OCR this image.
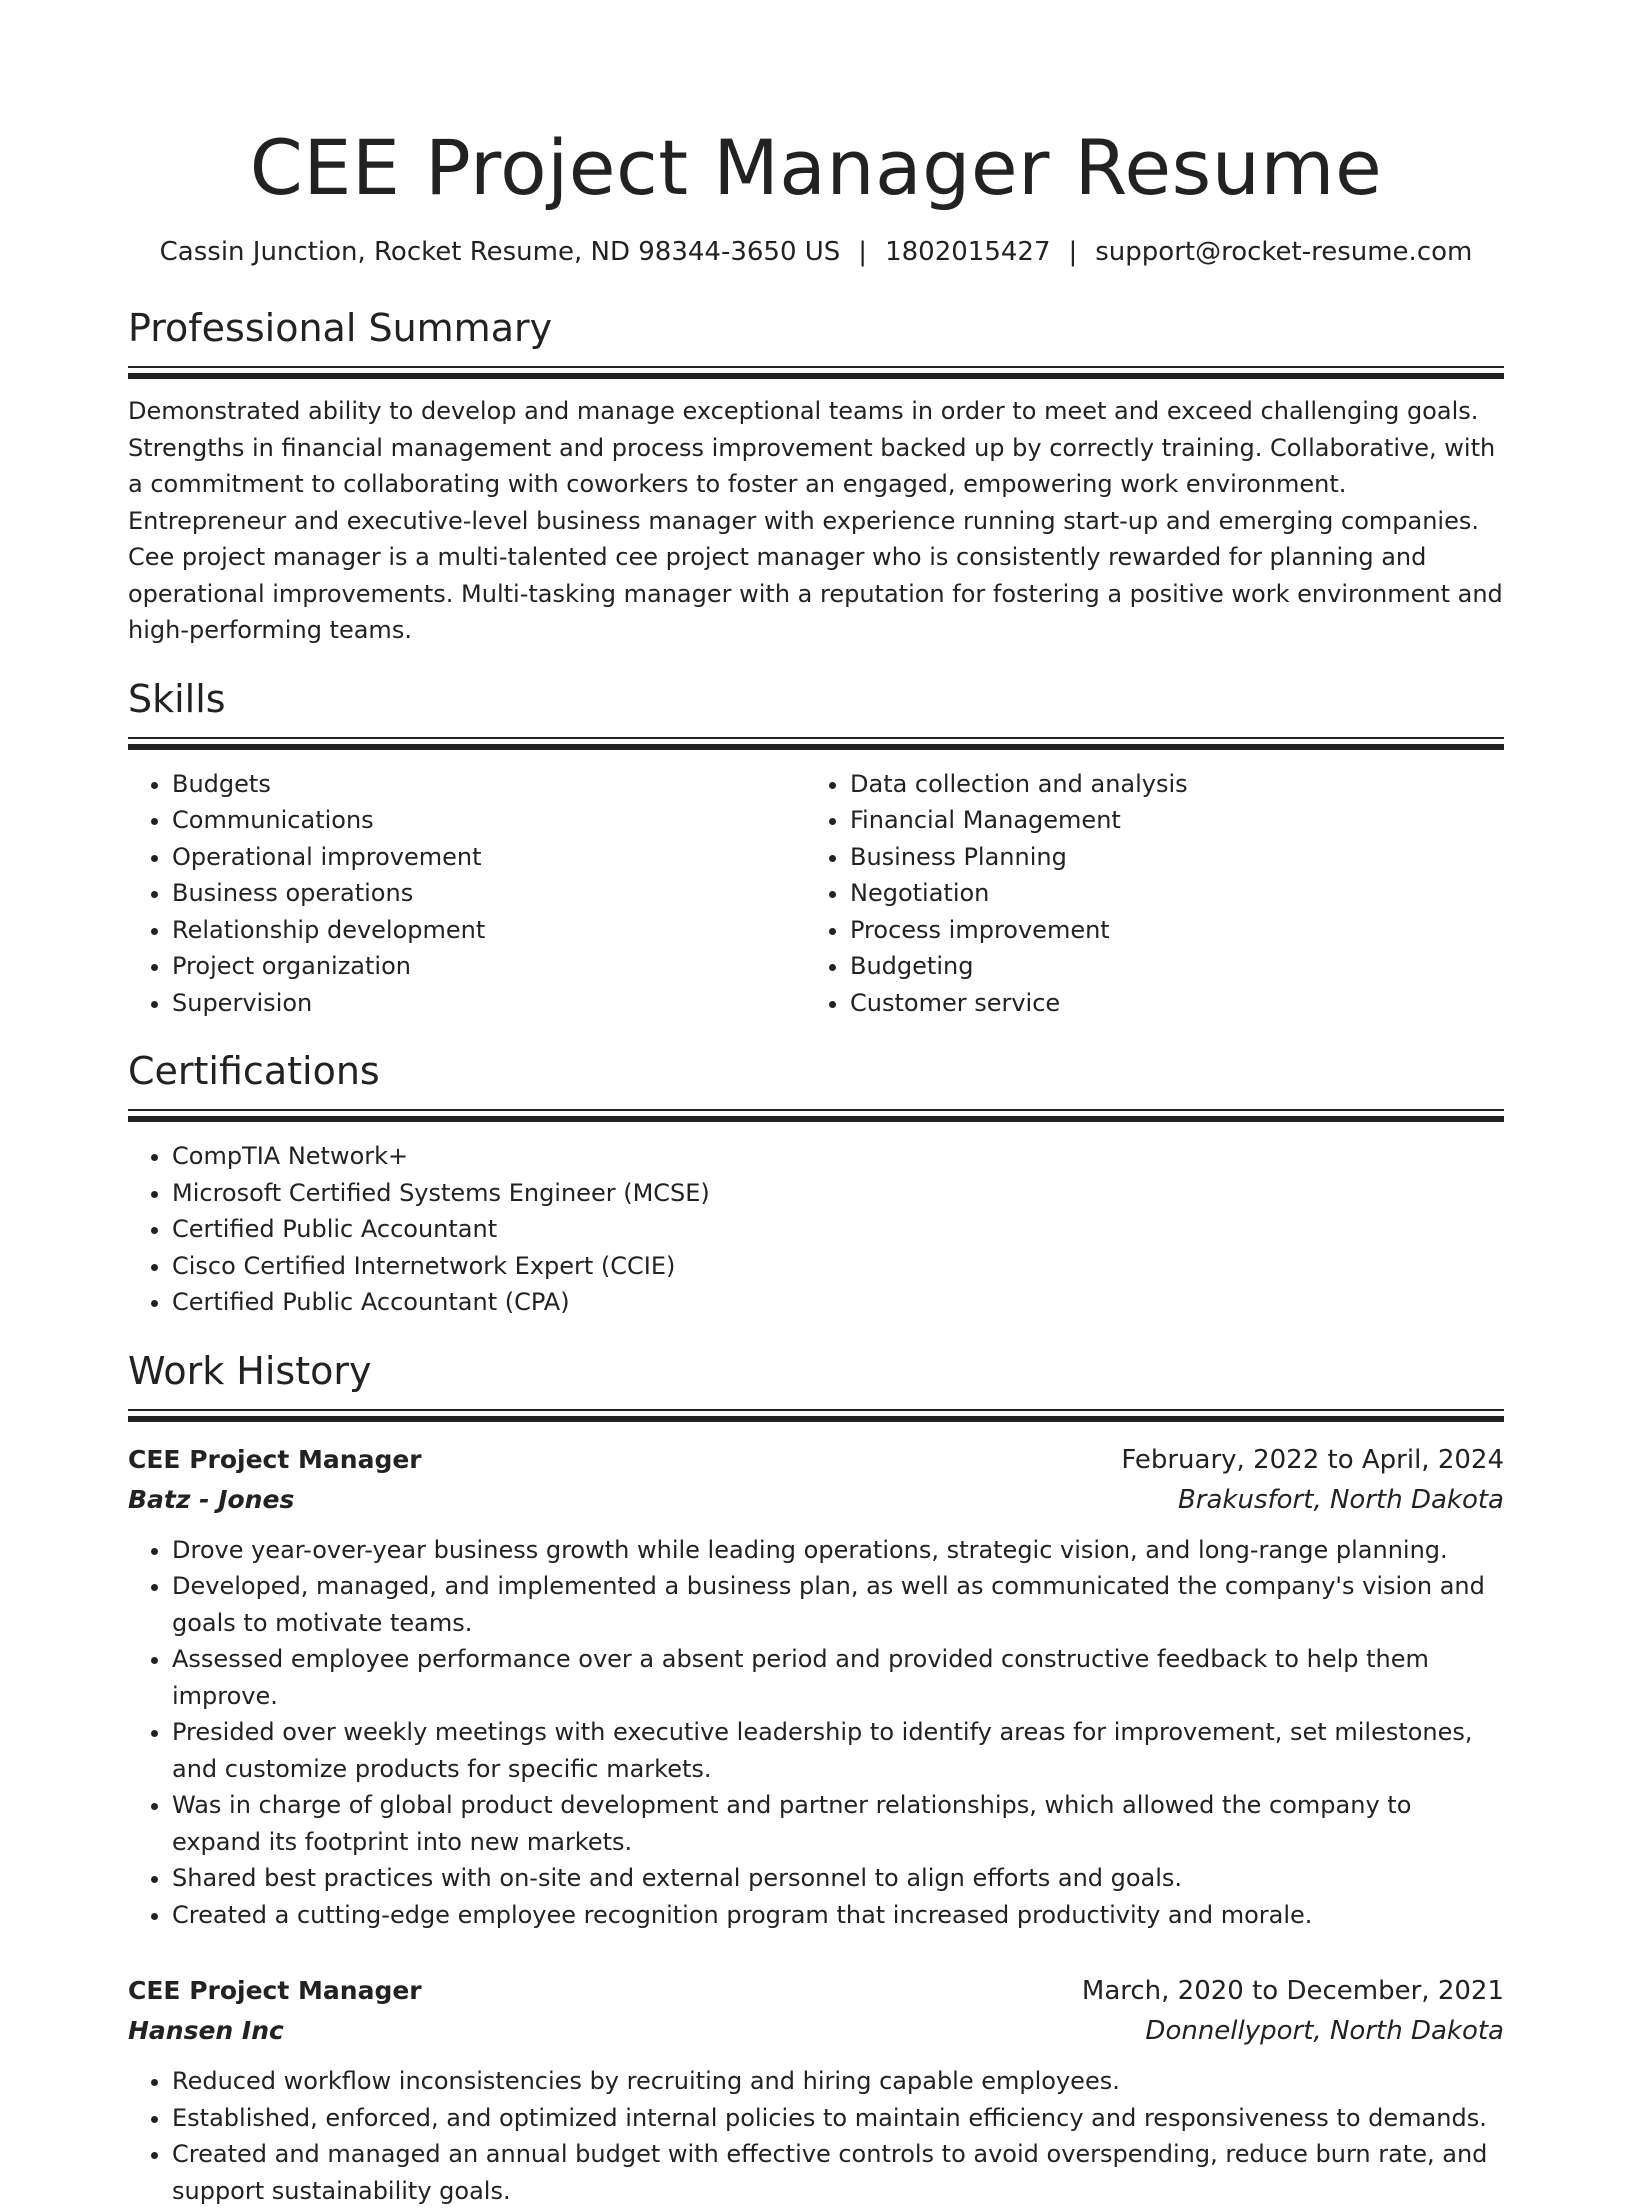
CEE Project Manager Resume
Cassin Junction, Rocket Resume, ND 98344-3650 US | 1802015427 | support@rocket-resume.com
Professional Summary

Demonstrated ability to develop and manage exceptional teams in order to meet and exceed challenging goals. Strengths in financial management and process improvement backed up by correctly training. Collaborative, with a commitment to collaborating with coworkers to foster an engaged, empowering work environment. Entrepreneur and executive-level business manager with experience running start-up and emerging companies. Cee project manager is a multi-talented cee project manager who is consistently rewarded for planning and operational improvements. Multi-tasking manager with a reputation for fostering a positive work environment and high-performing teams.

Skills
• Budgets
• Communications
• Operational improvement
• Business operations
• Relationship development
• Project organization
• Supervision
• Data collection and analysis
• Financial Management
• Business Planning
• Negotiation
• Process improvement
• Budgeting
• Customer service
Certifications
• CompTIA Network+
• Microsoft Certified Systems Engineer (MCSE)
• Certified Public Accountant
• Cisco Certified Internetwork Expert (CCIE)
• Certified Public Accountant (CPA)
Work History
CEE Project Manager	February, 2022 to April, 2024
Batz - Jones	Brakusfort, North Dakota
• Drove year-over-year business growth while leading operations, strategic vision, and long-range planning.
• Developed, managed, and implemented a business plan, as well as communicated the company's vision and goals to motivate teams.
• Assessed employee performance over a absent period and provided constructive feedback to help them improve.
• Presided over weekly meetings with executive leadership to identify areas for improvement, set milestones, and customize products for specific markets.
• Was in charge of global product development and partner relationships, which allowed the company to expand its footprint into new markets.
• Shared best practices with on-site and external personnel to align efforts and goals.
• Created a cutting-edge employee recognition program that increased productivity and morale.
CEE Project Manager	March, 2020 to December, 2021
Hansen Inc	Donnellyport, North Dakota
• Reduced workflow inconsistencies by recruiting and hiring capable employees.
• Established, enforced, and optimized internal policies to maintain efficiency and responsiveness to demands.
• Created and managed an annual budget with effective controls to avoid overspending, reduce burn rate, and support sustainability goals.
